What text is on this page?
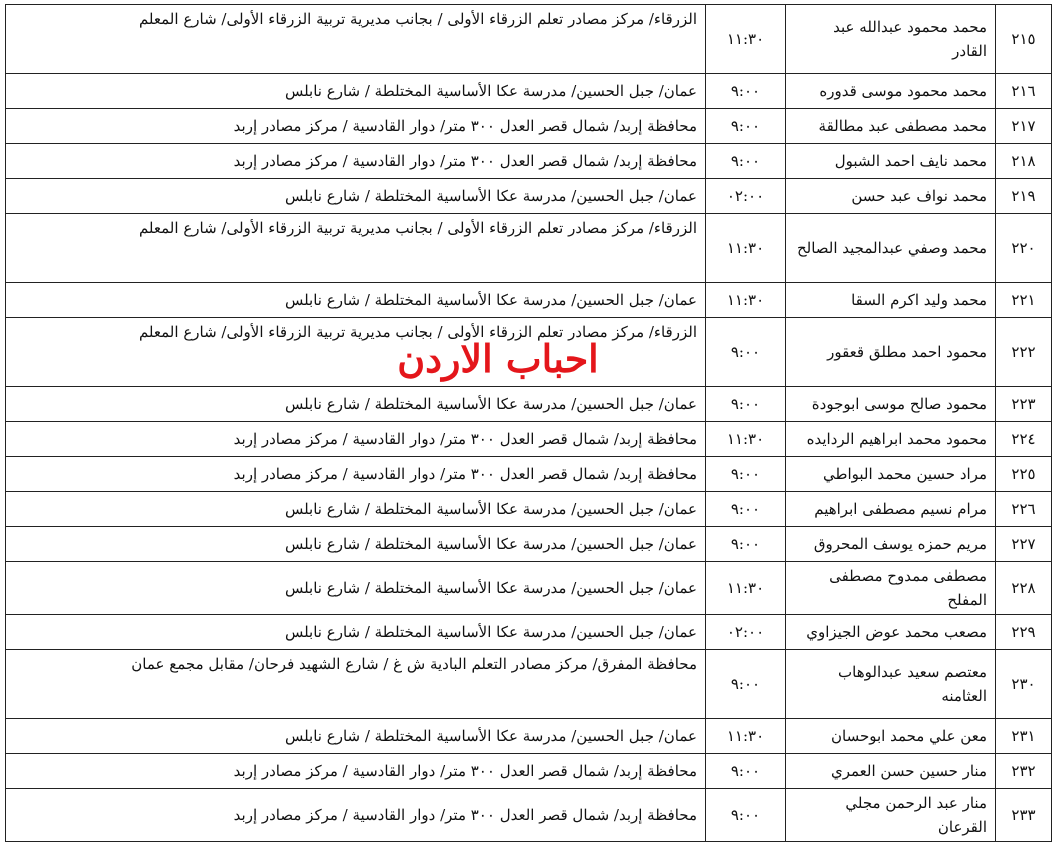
٢١٥	محمد محمود عبدالله عبد القادر	١١:٣٠	الزرقاء/ مركز مصادر تعلم الزرقاء الأولى / بجانب مديرية تربية الزرقاء الأولى/ شارع المعلم
٢١٦	محمد محمود موسى قدوره	٩:٠٠	عمان/ جبل الحسين/ مدرسة عكا الأساسية المختلطة / شارع نابلس
٢١٧	محمد مصطفى عبد مطالقة	٩:٠٠	محافظة إربد/ شمال قصر العدل ٣٠٠ متر/ دوار القادسية / مركز مصادر إربد
٢١٨	محمد نايف احمد الشبول	٩:٠٠	محافظة إربد/ شمال قصر العدل ٣٠٠ متر/ دوار القادسية / مركز مصادر إربد
٢١٩	محمد نواف عبد حسن	٠٢:٠٠	عمان/ جبل الحسين/ مدرسة عكا الأساسية المختلطة / شارع نابلس
٢٢٠	محمد وصفي عبدالمجيد الصالح	١١:٣٠	الزرقاء/ مركز مصادر تعلم الزرقاء الأولى / بجانب مديرية تربية الزرقاء الأولى/ شارع المعلم
٢٢١	محمد وليد اكرم السقا	١١:٣٠	عمان/ جبل الحسين/ مدرسة عكا الأساسية المختلطة / شارع نابلس
٢٢٢	محمود احمد مطلق قعقور	٩:٠٠	الزرقاء/ مركز مصادر تعلم الزرقاء الأولى / بجانب مديرية تربية الزرقاء الأولى/ شارع المعلم
٢٢٣	محمود صالح موسى ابوجودة	٩:٠٠	عمان/ جبل الحسين/ مدرسة عكا الأساسية المختلطة / شارع نابلس
٢٢٤	محمود محمد ابراهيم الردايده	١١:٣٠	محافظة إربد/ شمال قصر العدل ٣٠٠ متر/ دوار القادسية / مركز مصادر إربد
٢٢٥	مراد حسين محمد البواطي	٩:٠٠	محافظة إربد/ شمال قصر العدل ٣٠٠ متر/ دوار القادسية / مركز مصادر إربد
٢٢٦	مرام نسيم مصطفى ابراهيم	٩:٠٠	عمان/ جبل الحسين/ مدرسة عكا الأساسية المختلطة / شارع نابلس
٢٢٧	مريم حمزه يوسف المحروق	٩:٠٠	عمان/ جبل الحسين/ مدرسة عكا الأساسية المختلطة / شارع نابلس
٢٢٨	مصطفى ممدوح مصطفى المفلح	١١:٣٠	عمان/ جبل الحسين/ مدرسة عكا الأساسية المختلطة / شارع نابلس
٢٢٩	مصعب محمد عوض الجيزاوي	٠٢:٠٠	عمان/ جبل الحسين/ مدرسة عكا الأساسية المختلطة / شارع نابلس
٢٣٠	معتصم سعيد عبدالوهاب العثامنه	٩:٠٠	محافظة المفرق/ مركز مصادر التعلم البادية ش غ / شارع الشهيد فرحان/ مقابل مجمع عمان
٢٣١	معن علي محمد ابوحسان	١١:٣٠	عمان/ جبل الحسين/ مدرسة عكا الأساسية المختلطة / شارع نابلس
٢٣٢	منار حسين حسن العمري	٩:٠٠	محافظة إربد/ شمال قصر العدل ٣٠٠ متر/ دوار القادسية / مركز مصادر إربد
٢٣٣	منار عبد الرحمن مجلي القرعان	٩:٠٠	محافظة إربد/ شمال قصر العدل ٣٠٠ متر/ دوار القادسية / مركز مصادر إربد
احباب الاردن
